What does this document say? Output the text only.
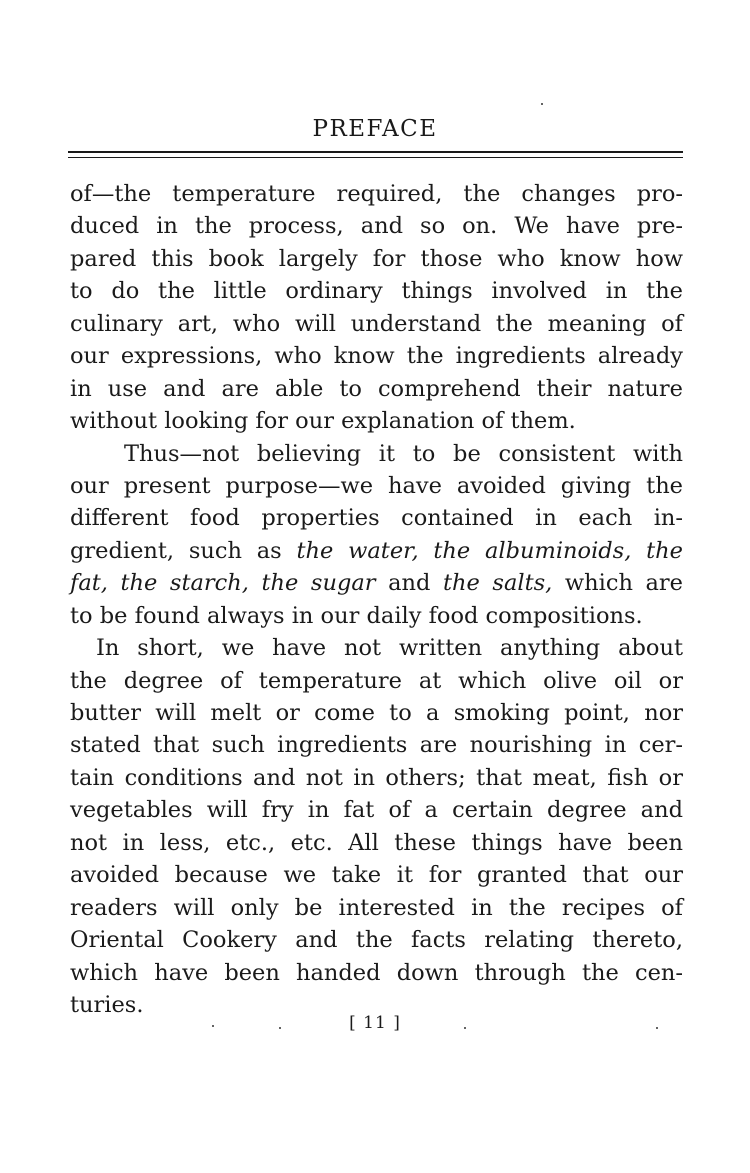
PREFACE
of—the temperature required, the changes pro-
duced in the process, and so on. We have pre-
pared this book largely for those who know how
to do the little ordinary things involved in the
culinary art, who will understand the meaning of
our expressions, who know the ingredients already
in use and are able to comprehend their nature
without looking for our explanation of them.
Thus—not believing it to be consistent with
our present purpose—we have avoided giving the
different food properties contained in each in-
gredient, such as the water, the albuminoids, the
fat, the starch, the sugar and the salts, which are
to be found always in our daily food compositions.
In short, we have not written anything about
the degree of temperature at which olive oil or
butter will melt or come to a smoking point, nor
stated that such ingredients are nourishing in cer-
tain conditions and not in others; that meat, fish or
vegetables will fry in fat of a certain degree and
not in less, etc., etc. All these things have been
avoided because we take it for granted that our
readers will only be interested in the recipes of
Oriental Cookery and the facts relating thereto,
which have been handed down through the cen-
turies.
[ 11 ]
